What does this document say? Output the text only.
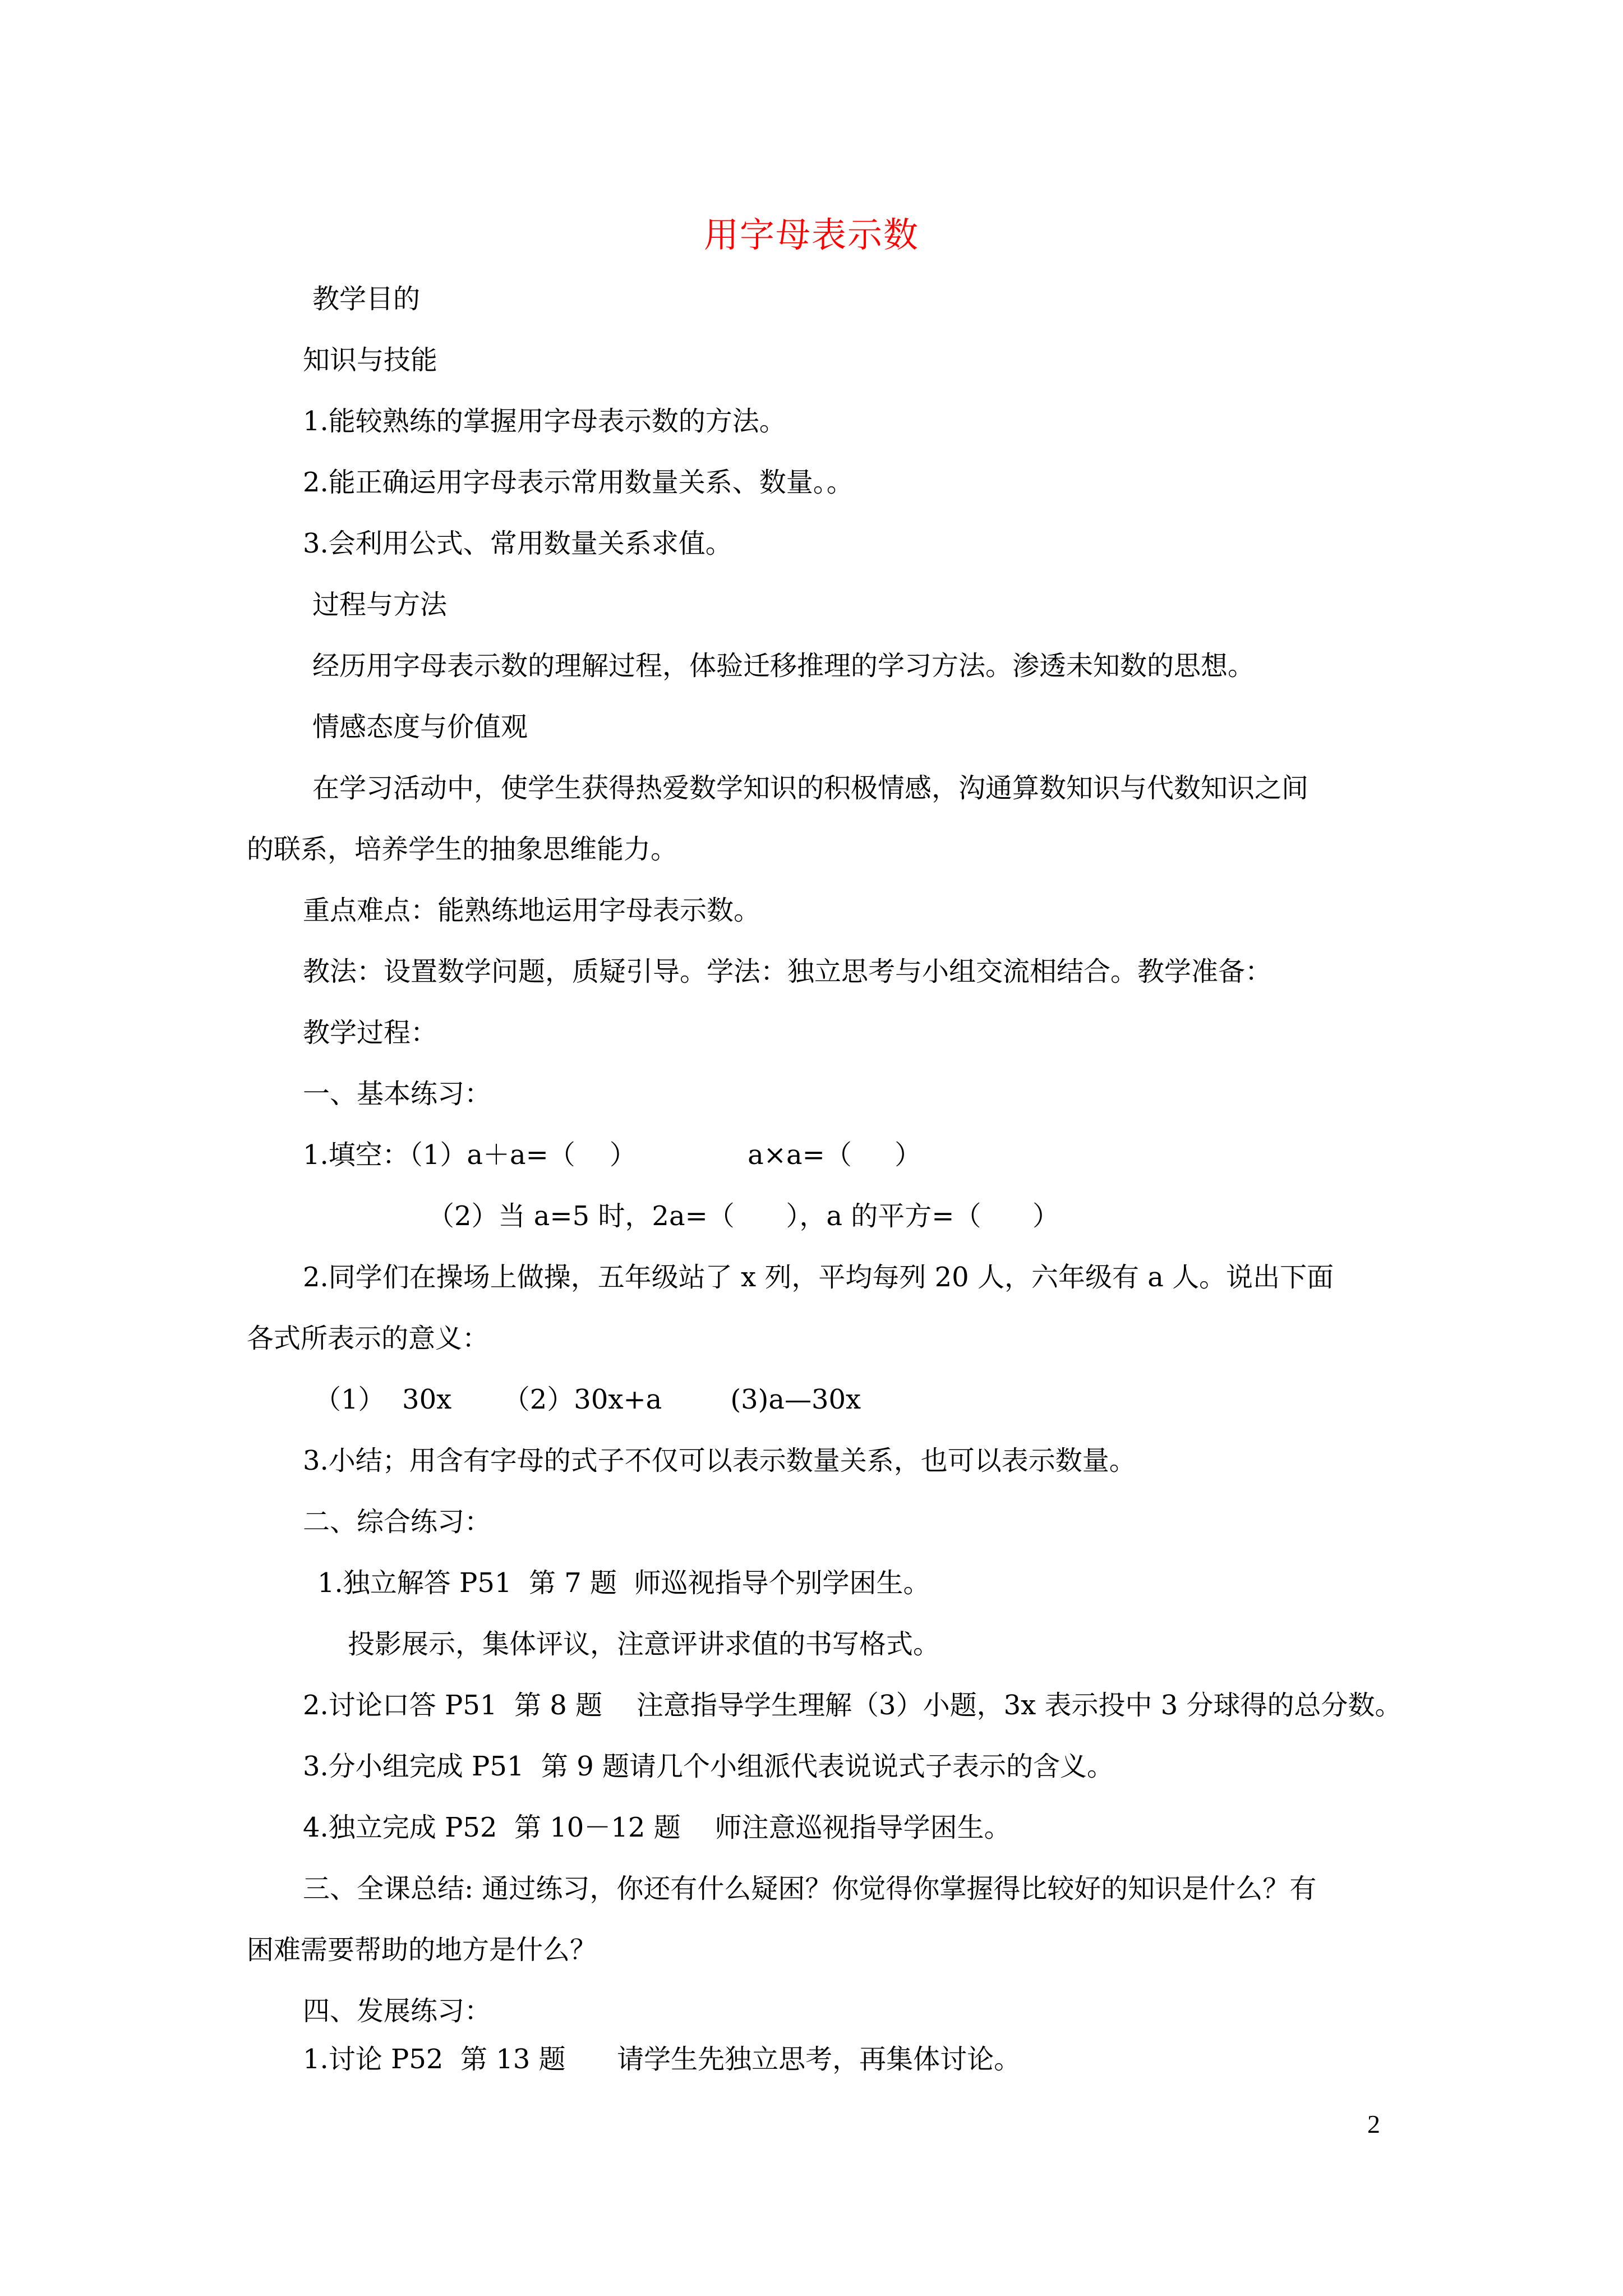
用字母表示数

教学目的

知识与技能

1.能较熟练的掌握用字母表示数的方法。

2.能正确运用字母表示常用数量关系、数量。。

3.会利用公式、常用数量关系求值。

过程与方法

经历用字母表示数的理解过程，体验迁移推理的学习方法。渗透未知数的思想。

情感态度与价值观

在学习活动中，使学生获得热爱数学知识的积极情感，沟通算数知识与代数知识之间

的联系，培养学生的抽象思维能力。

重点难点：能熟练地运用字母表示数。

教法：设置数学问题，质疑引导。学法：独立思考与小组交流相结合。教学准备：

教学过程：

一、基本练习：

1.填空：（1）a＋a=（    ）             a×a=（     ）

（2）当 a=5 时，2a=（      ），a 的平方=（      ）

2.同学们在操场上做操，五年级站了 x 列，平均每列 20 人，六年级有 a 人。说出下面

各式所表示的意义：

（1）  30x      （2）30x+a        (3)a—30x

3.小结；用含有字母的式子不仅可以表示数量关系，也可以表示数量。

二、综合练习：

1.独立解答 P51  第 7 题  师巡视指导个别学困生。

投影展示，集体评议，注意评讲求值的书写格式。

2.讨论口答 P51  第 8 题    注意指导学生理解（3）小题，3x 表示投中 3 分球得的总分数。

3.分小组完成 P51  第 9 题请几个小组派代表说说式子表示的含义。

4.独立完成 P52  第 10－12 题    师注意巡视指导学困生。

三、全课总结: 通过练习，你还有什么疑困？你觉得你掌握得比较好的知识是什么？有

困难需要帮助的地方是什么？

四、发展练习：

1.讨论 P52  第 13 题      请学生先独立思考，再集体讨论。

2
